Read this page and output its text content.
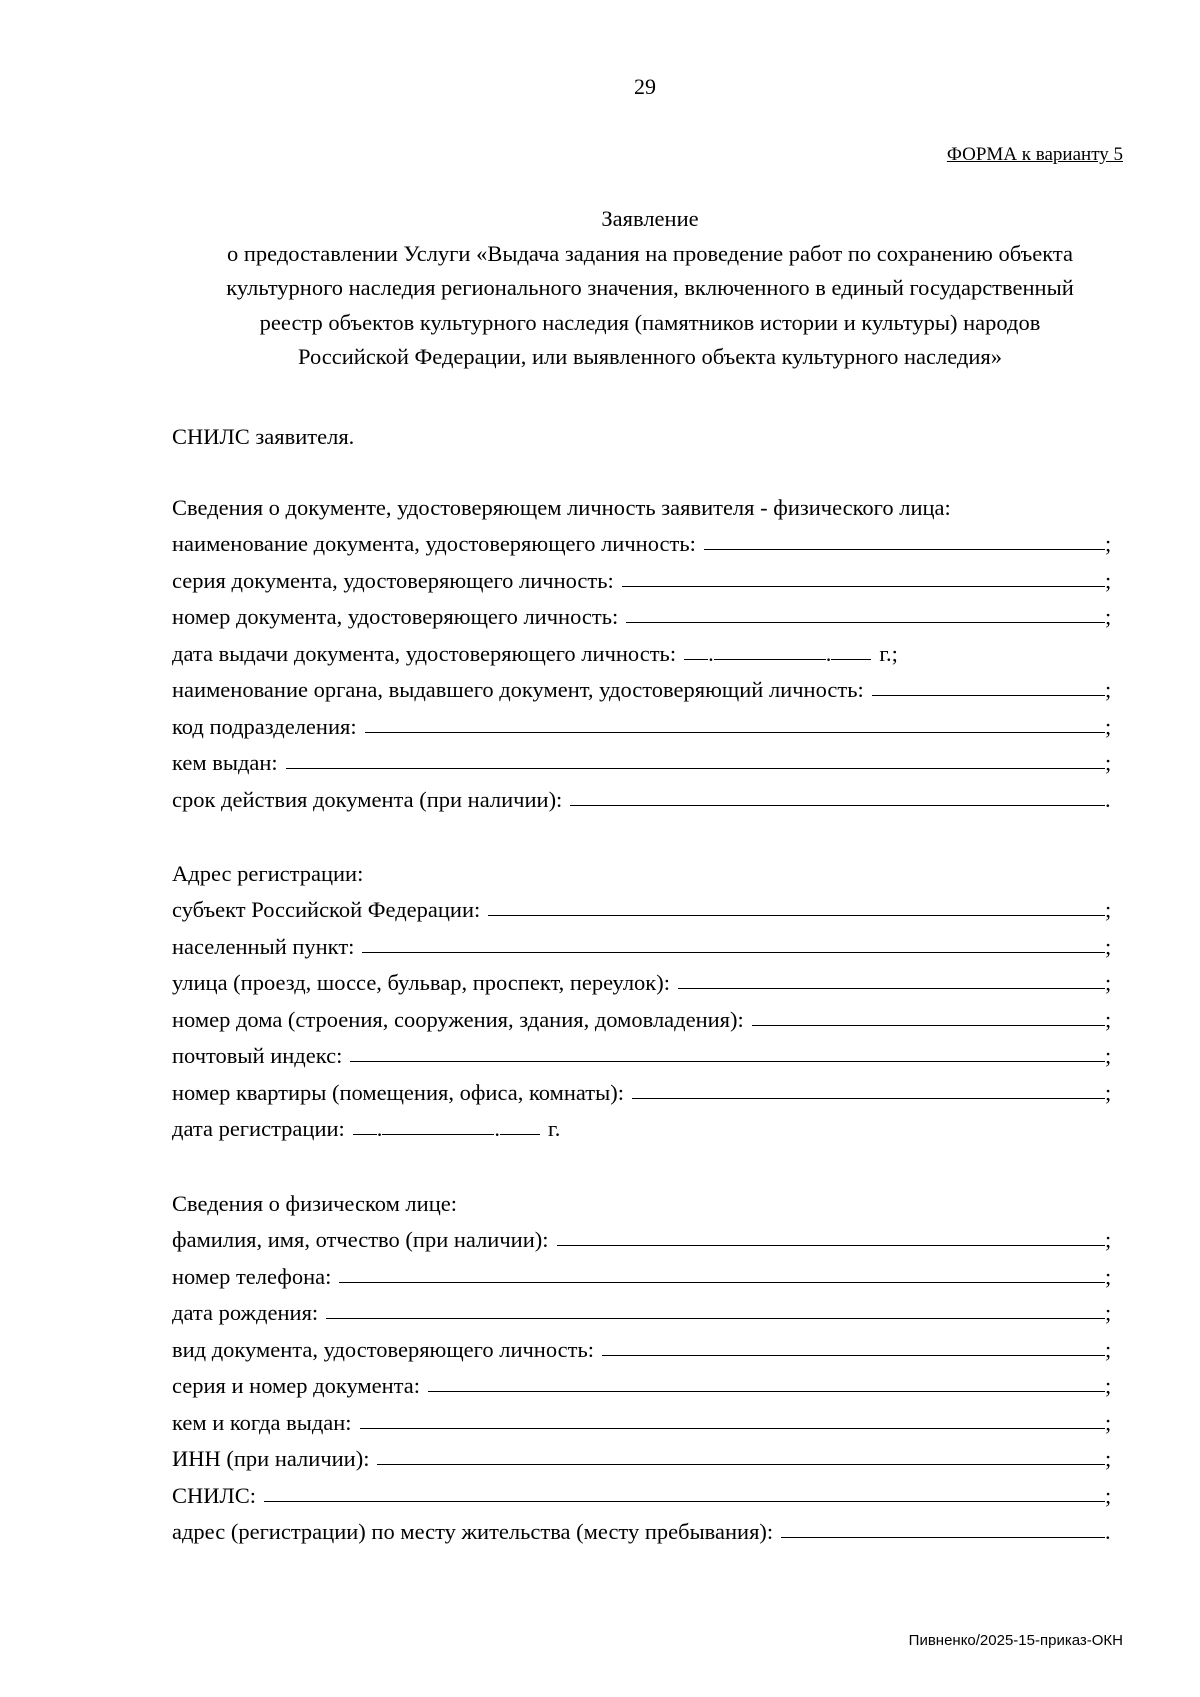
29
ФОРМА к варианту 5
Заявление
о предоставлении Услуги «Выдача задания на проведение работ по сохранению объекта
культурного наследия регионального значения, включенного в единый государственный
реестр объектов культурного наследия (памятников истории и культуры) народов
Российской Федерации, или выявленного объекта культурного наследия»
СНИЛС заявителя.
Сведения о документе, удостоверяющем личность заявителя - физического лица:
наименование документа, удостоверяющего личность:	;
серия документа, удостоверяющего личность:	;
номер документа, удостоверяющего личность:	;
дата выдачи документа, удостоверяющего личность: .	. г.;
наименование органа, выдавшего документ, удостоверяющий личность:	;
код подразделения:	;
кем выдан:	;
срок действия документа (при наличии):	.
Адрес регистрации:
субъект Российской Федерации:	;
населенный пункт:	;
улица (проезд, шоссе, бульвар, проспект, переулок):	;
номер дома (строения, сооружения, здания, домовладения):	;
почтовый индекс:	;
номер квартиры (помещения, офиса, комнаты):	;
дата регистрации: .	. г.
Сведения о физическом лице:
фамилия, имя, отчество (при наличии):	;
номер телефона:	;
дата рождения:	;
вид документа, удостоверяющего личность:	;
серия и номер документа:	;
кем и когда выдан:	;
ИНН (при наличии):	;
СНИЛС:	;
адрес (регистрации) по месту жительства (месту пребывания):	.
Пивненко/2025-15-приказ-ОКН
